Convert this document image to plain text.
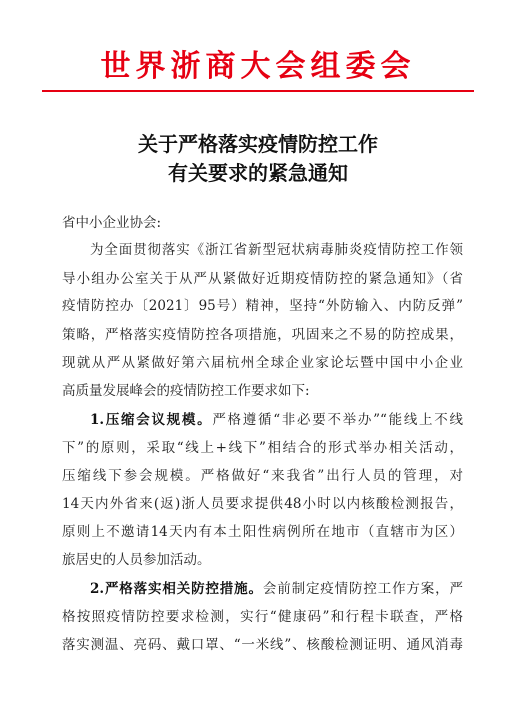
世界浙商大会组委会
关于严格落实疫情防控工作
有关要求的紧急通知
省中小企业协会:
为全面贯彻落实《浙江省新型冠状病毒肺炎疫情防控工作领
导小组办公室关于从严从紧做好近期疫情防控的紧急通知》（省
疫情防控办〔2021〕95号）精神，坚持“外防输入、内防反弹”
策略，严格落实疫情防控各项措施，巩固来之不易的防控成果，
现就从严从紧做好第六届杭州全球企业家论坛暨中国中小企业
高质量发展峰会的疫情防控工作要求如下:
1.压缩会议规模。严格遵循“非必要不举办”“能线上不线
下”的原则，采取“线上+线下”相结合的形式举办相关活动，
压缩线下参会规模。严格做好“来我省”出行人员的管理，对
14天内外省来(返)浙人员要求提供48小时以内核酸检测报告，
原则上不邀请14天内有本土阳性病例所在地市（直辖市为区）
旅居史的人员参加活动。
2.严格落实相关防控措施。会前制定疫情防控工作方案，严
格按照疫情防控要求检测，实行“健康码”和行程卡联查，严格
落实测温、亮码、戴口罩、“一米线”、核酸检测证明、通风消毒
